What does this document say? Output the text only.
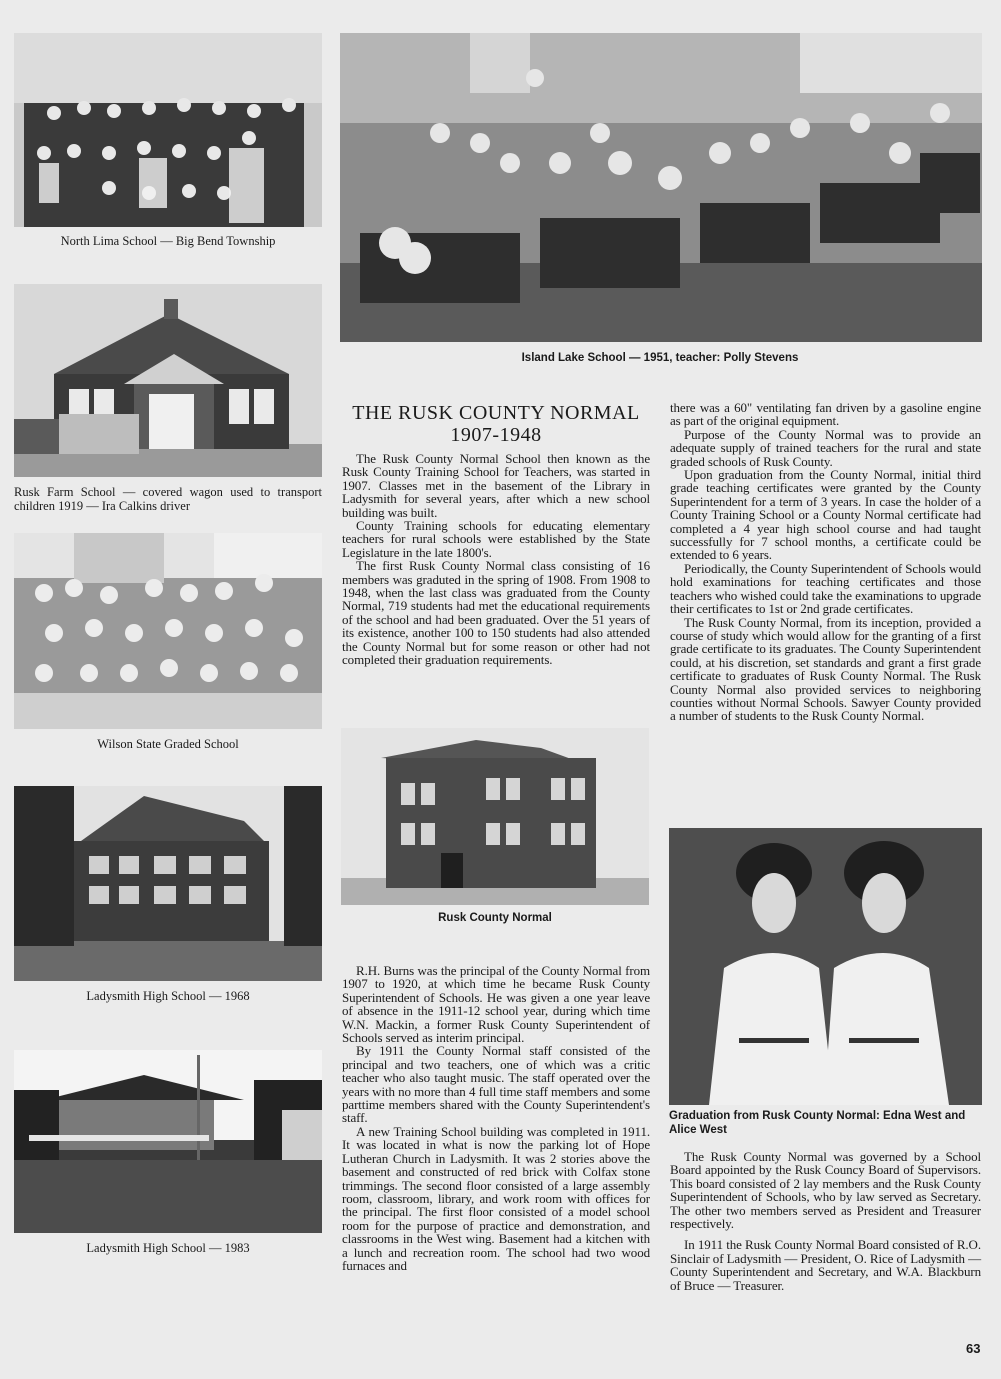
North Lima School — Big Bend Township
Island Lake School — 1951, teacher: Polly Stevens
Rusk Farm School — covered wagon used to transport children 1919 — Ira Calkins driver
Wilson State Graded School
Ladysmith High School — 1968
Ladysmith High School — 1983
Rusk County Normal
Graduation from Rusk County Normal: Edna West and Alice West
THE RUSK COUNTY NORMAL
1907-1948

The Rusk County Normal School then known as the Rusk County Training School for Teachers, was started in 1907. Classes met in the basement of the Library in Ladysmith for several years, after which a new school building was built.

County Training schools for educating elementary teachers for rural schools were established by the State Legislature in the late 1800's.

The first Rusk County Normal class consisting of 16 members was graduted in the spring of 1908. From 1908 to 1948, when the last class was graduated from the County Normal, 719 students had met the educational requirements of the school and had been graduated. Over the 51 years of its existence, another 100 to 150 students had also attended the County Normal but for some reason or other had not completed their graduation requirements.

R.H. Burns was the principal of the County Normal from 1907 to 1920, at which time he became Rusk County Superintendent of Schools. He was given a one year leave of absence in the 1911-12 school year, during which time W.N. Mackin, a former Rusk County Superintendent of Schools served as interim principal.

By 1911 the County Normal staff consisted of the principal and two teachers, one of which was a critic teacher who also taught music. The staff operated over the years with no more than 4 full time staff members and some parttime members shared with the County Superintendent's staff.

A new Training School building was completed in 1911. It was located in what is now the parking lot of Hope Lutheran Church in Ladysmith. It was 2 stories above the basement and constructed of red brick with Colfax stone trimmings. The second floor consisted of a large assembly room, classroom, library, and work room with offices for the principal. The first floor consisted of a model school room for the purpose of practice and demonstration, and classrooms in the West wing. Basement had a kitchen with a lunch and recreation room. The school had two wood furnaces and

there was a 60" ventilating fan driven by a gasoline engine as part of the original equipment.

Purpose of the County Normal was to provide an adequate supply of trained teachers for the rural and state graded schools of Rusk County.

Upon graduation from the County Normal, initial third grade teaching certificates were granted by the County Superintendent for a term of 3 years. In case the holder of a County Training School or a County Normal certificate had completed a 4 year high school course and had taught successfully for 7 school months, a certificate could be extended to 6 years.

Periodically, the County Superintendent of Schools would hold examinations for teaching certificates and those teachers who wished could take the examinations to upgrade their certificates to 1st or 2nd grade certificates.

The Rusk County Normal, from its inception, provided a course of study which would allow for the granting of a first grade certificate to its graduates. The County Superintendent could, at his discretion, set standards and grant a first grade certificate to graduates of Rusk County Normal. The Rusk County Normal also provided services to neighboring counties without Normal Schools. Sawyer County provided a number of students to the Rusk County Normal.

The Rusk County Normal was governed by a School Board appointed by the Rusk Councy Board of Supervisors. This board consisted of 2 lay members and the Rusk County Superintendent of Schools, who by law served as Secretary. The other two members served as President and Treasurer respectively.

In 1911 the Rusk County Normal Board consisted of R.O. Sinclair of Ladysmith — President, O. Rice of Ladysmith — County Superintendent and Secretary, and W.A. Blackburn of Bruce — Treasurer.

63
